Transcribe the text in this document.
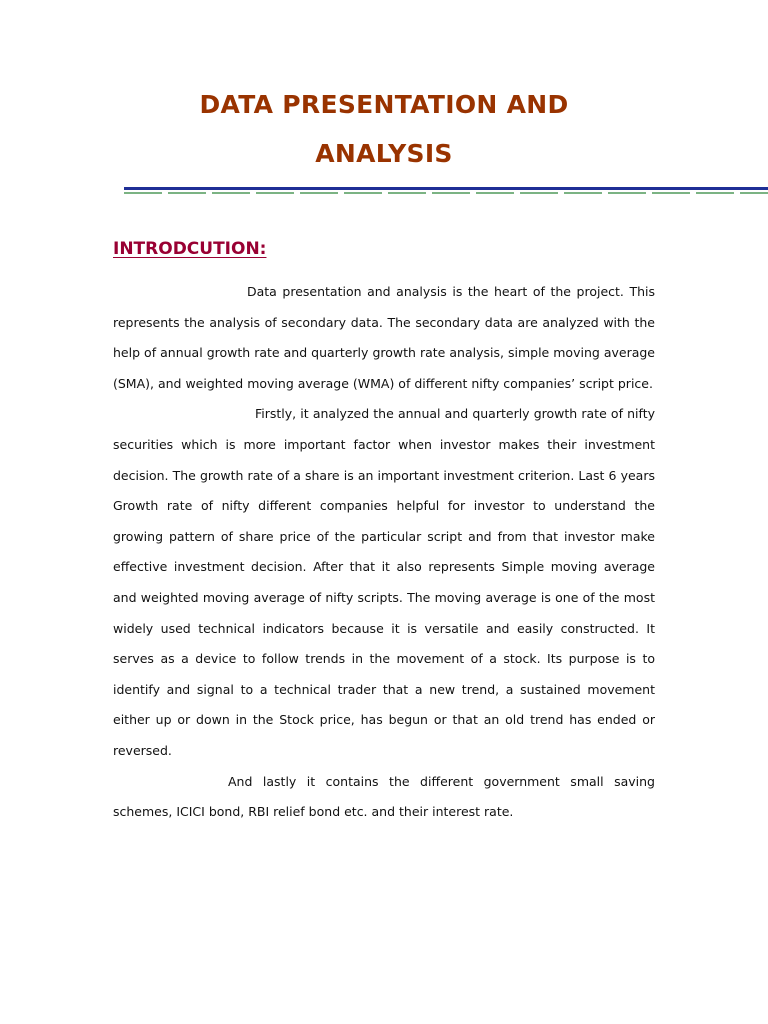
DATA PRESENTATION AND
ANALYSIS
INTRODCUTION:

Data presentation and analysis is the heart of the project. This represents the analysis of secondary data. The secondary data are analyzed with the help of annual growth rate and quarterly growth rate analysis, simple moving average (SMA), and weighted moving average (WMA) of different nifty companies’ script price.

Firstly, it analyzed the annual and quarterly growth rate of nifty securities which is more important factor when investor makes their investment decision. The growth rate of a share is an important investment criterion. Last 6 years Growth rate of nifty different companies helpful for investor to understand the growing pattern of share price of the particular script and from that investor make effective investment decision. After that it also represents Simple moving average and weighted moving average of nifty scripts. The moving average is one of the most widely used technical indicators because it is versatile and easily constructed. It serves as a device to follow trends in the movement of a stock. Its purpose is to identify and signal to a technical trader that a new trend, a sustained movement either up or down in the Stock price, has begun or that an old trend has ended or reversed.

And lastly it contains the different government small saving schemes, ICICI bond, RBI relief bond etc. and their interest rate.
